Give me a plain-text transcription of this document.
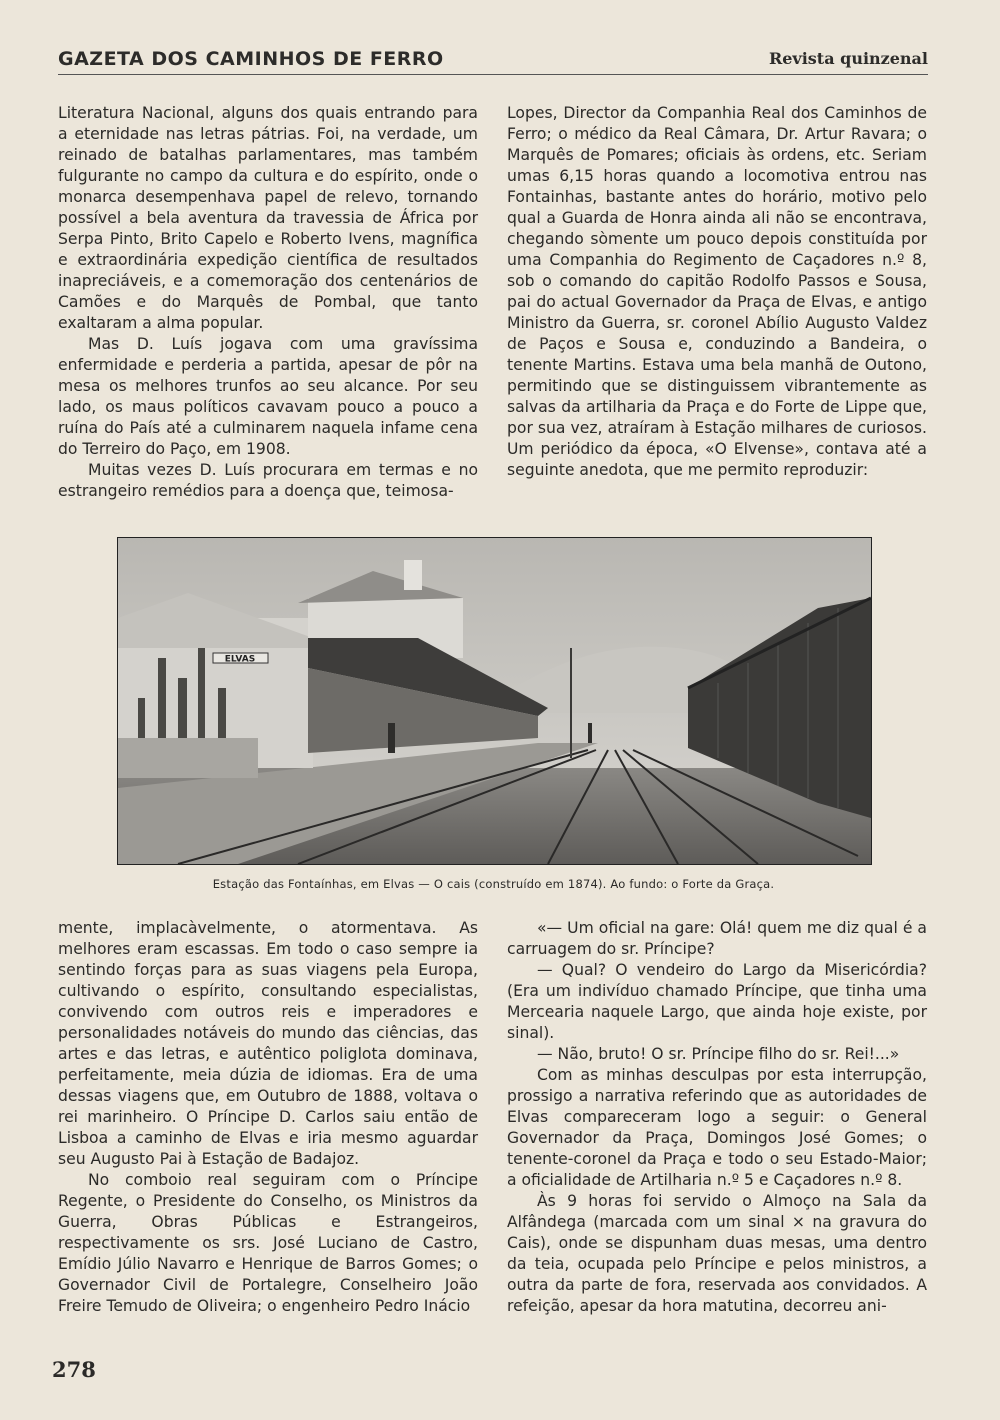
GAZETA DOS CAMINHOS DE FERRO	Revista quinzenal

Literatura Nacional, alguns dos quais entrando para a eternidade nas letras pátrias. Foi, na verdade, um reinado de batalhas parlamentares, mas também fulgurante no campo da cultura e do espírito, onde o monarca desempenhava papel de relevo, tornando possível a bela aventura da travessia de África por Serpa Pinto, Brito Capelo e Roberto Ivens, magnífica e extraordinária expedição científica de resultados inapreciáveis, e a comemoração dos centenários de Camões e do Marquês de Pombal, que tanto exaltaram a alma popular.

Mas D. Luís jogava com uma gravíssima enfermidade e perderia a partida, apesar de pôr na mesa os melhores trunfos ao seu alcance. Por seu lado, os maus políticos cavavam pouco a pouco a ruína do País até a culminarem naquela infame cena do Terreiro do Paço, em 1908.

Muitas vezes D. Luís procurara em termas e no estrangeiro remédios para a doença que, teimosa-

Lopes, Director da Companhia Real dos Caminhos de Ferro; o médico da Real Câmara, Dr. Artur Ravara; o Marquês de Pomares; oficiais às ordens, etc. Seriam umas 6,15 horas quando a locomotiva entrou nas Fontainhas, bastante antes do horário, motivo pelo qual a Guarda de Honra ainda ali não se encontrava, chegando sòmente um pouco depois constituída por uma Companhia do Regimento de Caçadores n.º 8, sob o comando do capitão Rodolfo Passos e Sousa, pai do actual Governador da Praça de Elvas, e antigo Ministro da Guerra, sr. coronel Abílio Augusto Valdez de Paços e Sousa e, conduzindo a Bandeira, o tenente Martins. Estava uma bela manhã de Outono, permitindo que se distinguissem vibrantemente as salvas da artilharia da Praça e do Forte de Lippe que, por sua vez, atraíram à Estação milhares de curiosos. Um periódico da época, «O Elvense», contava até a seguinte anedota, que me permito reproduzir:

ELVAS
Estação das Fontaínhas, em Elvas — O cais (construído em 1874). Ao fundo: o Forte da Graça.

mente, implacàvelmente, o atormentava. As melhores eram escassas. Em todo o caso sempre ia sentindo forças para as suas viagens pela Europa, cultivando o espírito, consultando especialistas, convivendo com outros reis e imperadores e personalidades notáveis do mundo das ciências, das artes e das letras, e autêntico poliglota dominava, perfeitamente, meia dúzia de idiomas. Era de uma dessas viagens que, em Outubro de 1888, voltava o rei marinheiro. O Príncipe D. Carlos saiu então de Lisboa a caminho de Elvas e iria mesmo aguardar seu Augusto Pai à Estação de Badajoz.

No comboio real seguiram com o Príncipe Regente, o Presidente do Conselho, os Ministros da Guerra, Obras Públicas e Estrangeiros, respectivamente os srs. José Luciano de Castro, Emídio Júlio Navarro e Henrique de Barros Gomes; o Governador Civil de Portalegre, Conselheiro João Freire Temudo de Oliveira; o engenheiro Pedro Inácio

«— Um oficial na gare: Olá! quem me diz qual é a carruagem do sr. Príncipe?

— Qual? O vendeiro do Largo da Misericórdia? (Era um indivíduo chamado Príncipe, que tinha uma Mercearia naquele Largo, que ainda hoje existe, por sinal).

— Não, bruto! O sr. Príncipe filho do sr. Rei!...»

Com as minhas desculpas por esta interrupção, prossigo a narrativa referindo que as autoridades de Elvas compareceram logo a seguir: o General Governador da Praça, Domingos José Gomes; o tenente-coronel da Praça e todo o seu Estado-Maior; a oficialidade de Artilharia n.º 5 e Caçadores n.º 8.

Às 9 horas foi servido o Almoço na Sala da Alfândega (marcada com um sinal × na gravura do Cais), onde se dispunham duas mesas, uma dentro da teia, ocupada pelo Príncipe e pelos ministros, a outra da parte de fora, reservada aos convidados. A refeição, apesar da hora matutina, decorreu ani-

278
